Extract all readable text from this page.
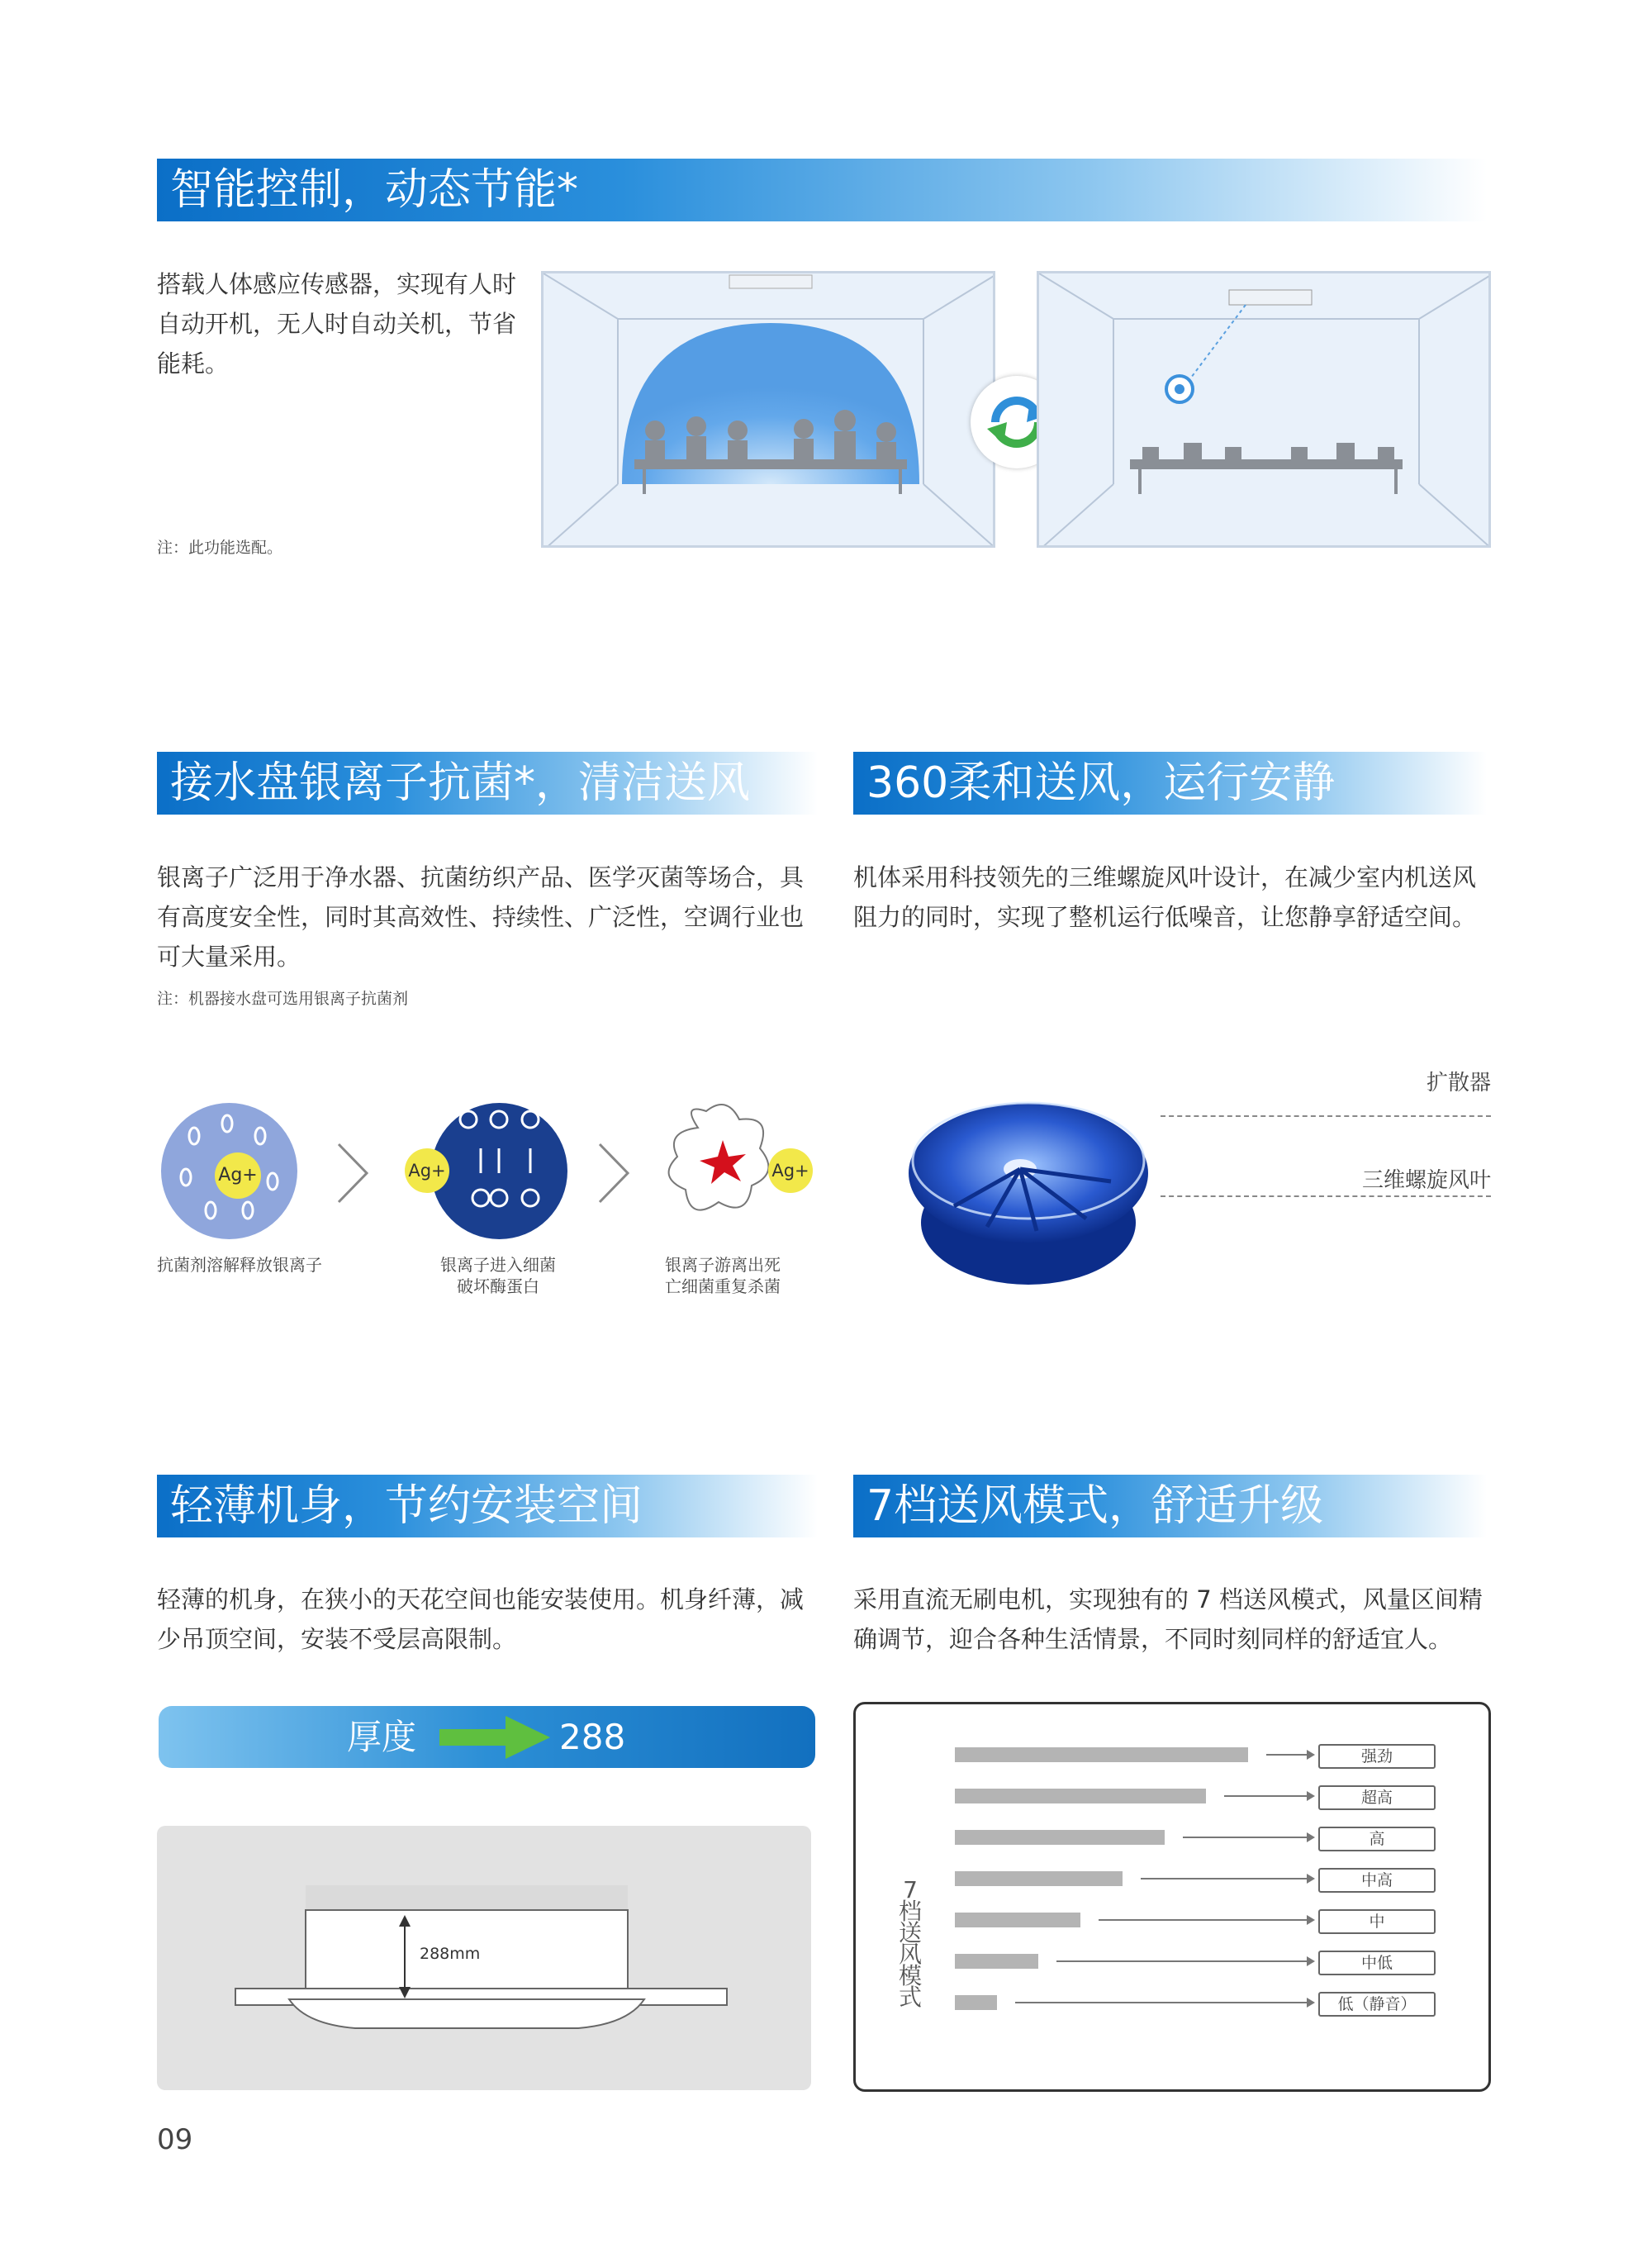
智能控制，动态节能*
搭载人体感应传感器，实现有人时自动开机，无人时自动关机，节省能耗。
注：此功能选配。
接水盘银离子抗菌*，清洁送风
银离子广泛用于净水器、抗菌纺织产品、医学灭菌等场合，具有高度安全性，同时其高效性、持续性、广泛性，空调行业也可大量采用。
注：机器接水盘可选用银离子抗菌剂
Ag+
抗菌剂溶解释放银离子
Ag+
银离子进入细菌
破坏酶蛋白
Ag+
银离子游离出死
亡细菌重复杀菌
360柔和送风，运行安静
机体采用科技领先的三维螺旋风叶设计，在减少室内机送风阻力的同时，实现了整机运行低噪音，让您静享舒适空间。
扩散器
三维螺旋风叶
轻薄机身，节约安装空间
轻薄的机身，在狭小的天花空间也能安装使用。机身纤薄，减少吊顶空间，安装不受层高限制。
厚度	288
288mm
7档送风模式，舒适升级
采用直流无刷电机，实现独有的 7 档送风模式，风量区间精确调节，迎合各种生活情景，不同时刻同样的舒适宜人。
7档送风模式
强劲
超高
高
中高
中
中低
低（静音）
09
